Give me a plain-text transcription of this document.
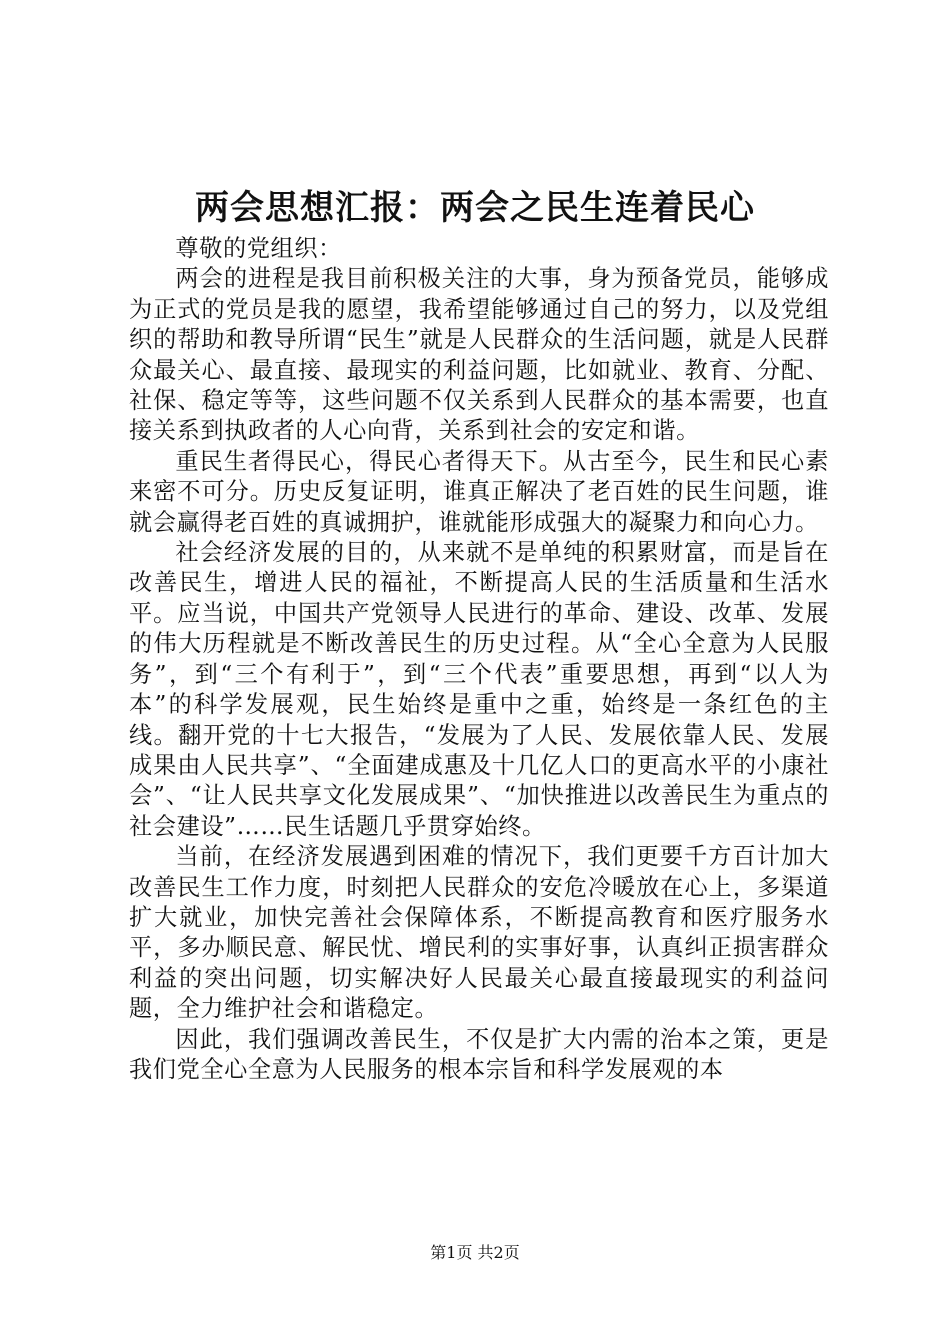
两会思想汇报：两会之民生连着民心

尊敬的党组织：

两会的进程是我目前积极关注的大事，身为预备党员，能够成为正式的党员是我的愿望，我希望能够通过自己的努力，以及党组织的帮助和教导所谓“民生”就是人民群众的生活问题，就是人民群众最关心、最直接、最现实的利益问题，比如就业、教育、分配、社保、稳定等等，这些问题不仅关系到人民群众的基本需要，也直接关系到执政者的人心向背，关系到社会的安定和谐。

重民生者得民心，得民心者得天下。从古至今，民生和民心素来密不可分。历史反复证明，谁真正解决了老百姓的民生问题，谁就会赢得老百姓的真诚拥护，谁就能形成强大的凝聚力和向心力。

社会经济发展的目的，从来就不是单纯的积累财富，而是旨在改善民生，增进人民的福祉，不断提高人民的生活质量和生活水平。应当说，中国共产党领导人民进行的革命、建设、改革、发展的伟大历程就是不断改善民生的历史过程。从“全心全意为人民服务”，到“三个有利于”，到“三个代表”重要思想，再到“以人为本”的科学发展观，民生始终是重中之重，始终是一条红色的主线。翻开党的十七大报告，“发展为了人民、发展依靠人民、发展成果由人民共享”、“全面建成惠及十几亿人口的更高水平的小康社会”、“让人民共享文化发展成果”、“加快推进以改善民生为重点的社会建设”……民生话题几乎贯穿始终。

当前，在经济发展遇到困难的情况下，我们更要千方百计加大改善民生工作力度，时刻把人民群众的安危冷暖放在心上，多渠道扩大就业，加快完善社会保障体系，不断提高教育和医疗服务水平，多办顺民意、解民忧、增民利的实事好事，认真纠正损害群众利益的突出问题，切实解决好人民最关心最直接最现实的利益问题，全力维护社会和谐稳定。

因此，我们强调改善民生，不仅是扩大内需的治本之策，更是我们党全心全意为人民服务的根本宗旨和科学发展观的本

第1页 共2页
